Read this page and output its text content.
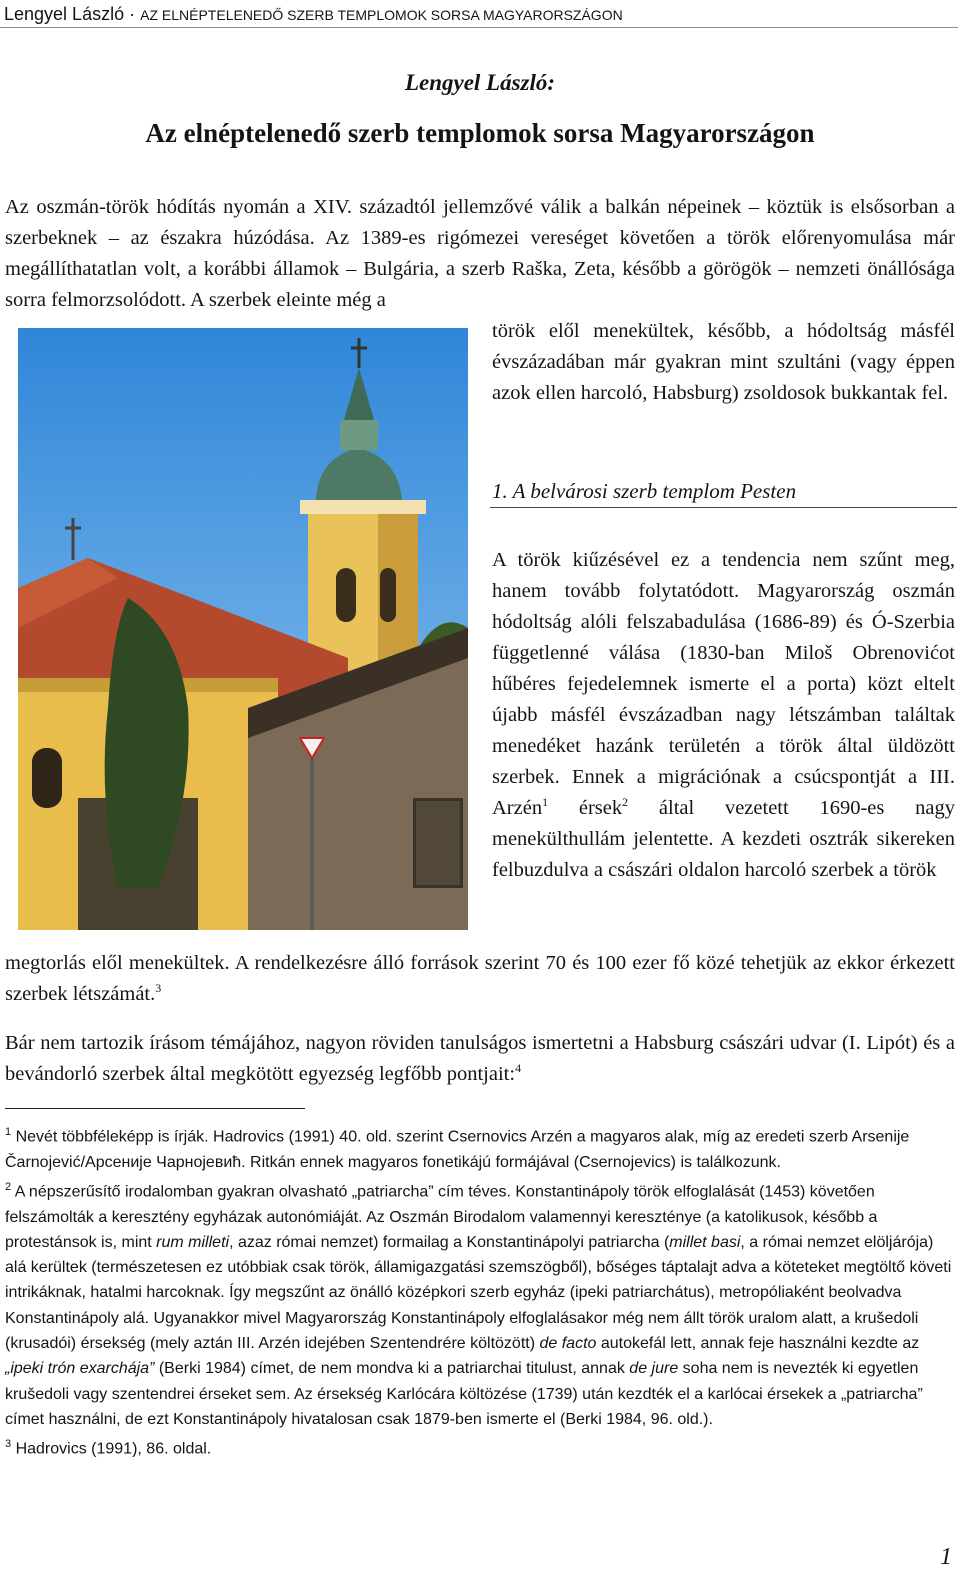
Lengyel László · AZ ELNÉPTELENEDŐ SZERB TEMPLOMOK SORSA MAGYARORSZÁGON
Lengyel László:
Az elnéptelenedő szerb templomok sorsa Magyarországon

Az oszmán-török hódítás nyomán a XIV. századtól jellemzővé válik a balkán népeinek – köztük is elsősorban a szerbeknek – az északra húzódása. Az 1389-es rigómezei vereséget követően a török előrenyomulása már megállíthatatlan volt, a korábbi államok – Bulgária, a szerb Raška, Zeta, később a görögök – nemzeti önállósága sorra felmorzsolódott. A szerbek eleinte még a

török elől menekültek, később, a hódoltság másfél évszázadában már gyakran mint szultáni (vagy éppen azok ellen harcoló, Habsburg) zsoldosok bukkantak fel.

1. A belvárosi szerb templom Pesten

A török kiűzésével ez a tendencia nem szűnt meg, hanem tovább folytatódott. Magyarország oszmán hódoltság alóli felszabadulása (1686-89) és Ó-Szerbia függetlenné válása (1830-ban Miloš Obrenovićot hűbéres fejedelemnek ismerte el a porta) közt eltelt újabb másfél évszázadban nagy létszámban találtak menedéket hazánk területén a török által üldözött szerbek. Ennek a migrációnak a csúcspontját a III. Arzén$^1$ érsek$^2$ által vezetett 1690-es nagy menekülthullám jelentette. A kezdeti osztrák sikereken felbuzdulva a császári oldalon harcoló szerbek a török

megtorlás elől menekültek. A rendelkezésre álló források szerint 70 és 100 ezer fő közé tehetjük az ekkor érkezett szerbek létszámát.$^3$

Bár nem tartozik írásom témájához, nagyon röviden tanulságos ismertetni a Habsburg császári udvar (I. Lipót) és a bevándorló szerbek által megkötött egyezség legfőbb pontjait:$^4$

$^1$ Nevét többféleképp is írják. Hadrovics (1991) 40. old. szerint Csernovics Arzén a magyaros alak, míg az eredeti szerb Arsenije Čarnojević/Арсеније Чарнојевић. Ritkán ennek magyaros fonetikájú formájával (Csernojevics) is találkozunk.

$^2$ A népszerűsítő irodalomban gyakran olvasható „patriarcha” cím téves. Konstantinápoly török elfoglalását (1453) követően felszámolták a keresztény egyházak autonómiáját. Az Oszmán Birodalom valamennyi keresztényе (a katolikusok, később a protestánsok is, mint rum milleti, azaz római nemzet) formailag a Konstantinápolyi patriarcha (millet basi, a római nemzet elöljárója) alá kerültek (természetesen ez utóbbiak csak török, államigazgatási szemszögből), bőséges táptalajt adva a köteteket megtöltő követi intrikáknak, hatalmi harcoknak. Így megszűnt az önálló középkori szerb egyház (ipeki patriarchátus), metropóliaként beolvadva Konstantinápoly alá. Ugyanakkor mivel Magyarország Konstantinápoly elfoglalásakor még nem állt török uralom alatt, a krušedoli (krusadói) érsekség (mely aztán III. Arzén idejében Szentendrére költözött) de facto autokefál lett, annak feje használni kezdte az „ipeki trón exarchája” (Berki 1984) címet, de nem mondva ki a patriarchai titulust, annak de jure soha nem is nevezték ki egyetlen krušedoli vagy szentendrei érseket sem. Az érsekség Karlócára költözése (1739) után kezdték el a karlócai érsekek a „patriarcha” címet használni, de ezt Konstantinápoly hivatalosan csak 1879-ben ismerte el (Berki 1984, 96. old.).

$^3$ Hadrovics (1991), 86. oldal.

1
